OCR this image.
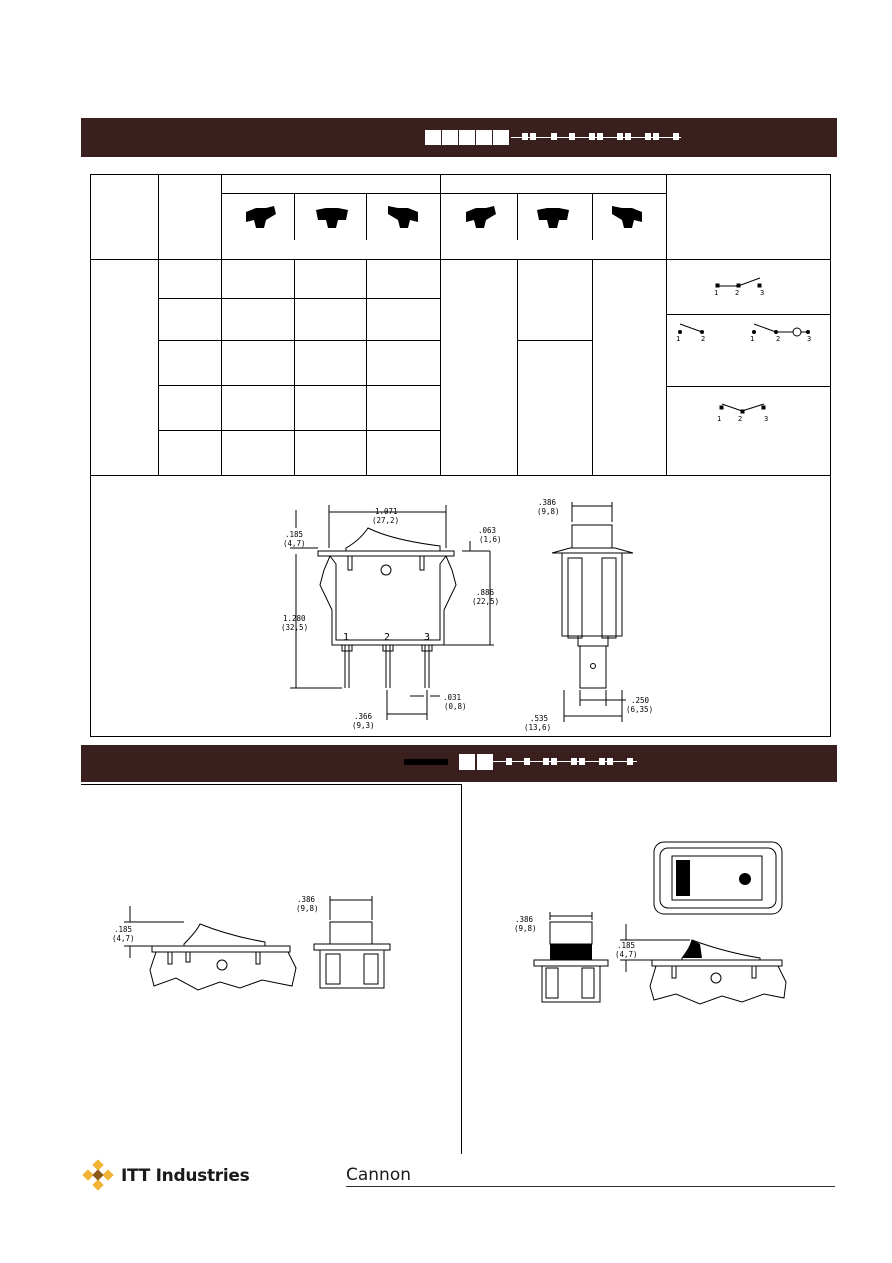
1 2	3
1	2	1	2	3
1 2	3
1	2	3
1.071
(27,2)
.185
(4,7)
.063
(1,6)
.886
(22,5)
1.280
(32,5)
.366
(9,3)
.031
(0,8)
.386
(9,8)
.535
(13,6)
.250
(6,35)
.185
(4,7)
.386
(9,8)
.386
(9,8)
.185
(4,7)
ITT Industries	Cannon
